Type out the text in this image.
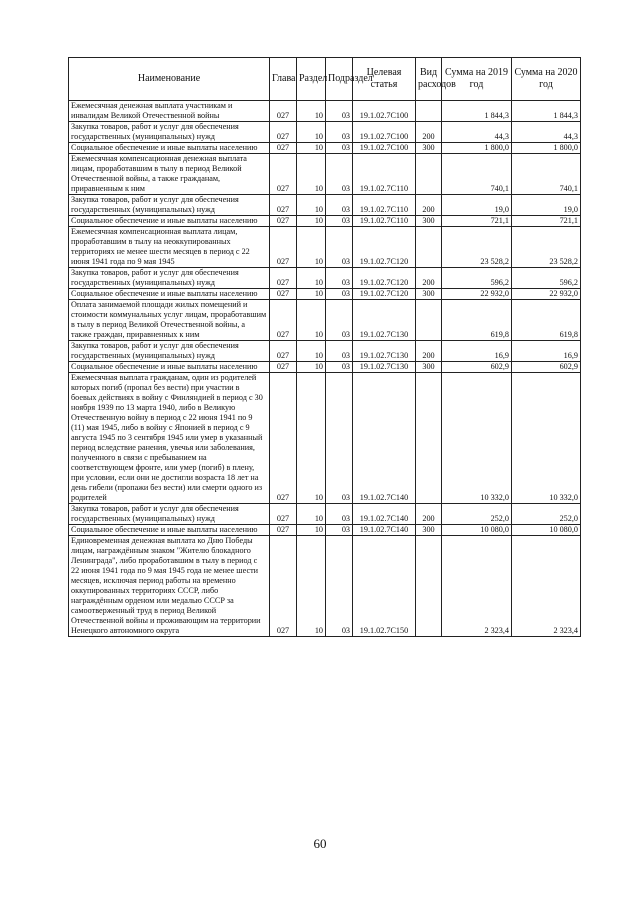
Наименование	Глава	Раздел	Подраздел	Целевая статья	Вид расходов	Сумма на 2019 год	Сумма на 2020 год
Ежемесячная денежная выплата участникам и инвалидам Великой Отечественной войны	027	10	03	19.1.02.7С100		1 844,3	1 844,3
Закупка товаров, работ и услуг для обеспечения государственных (муниципальных) нужд	027	10	03	19.1.02.7С100	200	44,3	44,3
Социальное обеспечение и иные выплаты населению	027	10	03	19.1.02.7С100	300	1 800,0	1 800,0
Ежемесячная компенсационная денежная выплата лицам, проработавшим в тылу в период Великой Отечественной войны, а также гражданам, приравненным к ним	027	10	03	19.1.02.7С110		740,1	740,1
Закупка товаров, работ и услуг для обеспечения государственных (муниципальных) нужд	027	10	03	19.1.02.7С110	200	19,0	19,0
Социальное обеспечение и иные выплаты населению	027	10	03	19.1.02.7С110	300	721,1	721,1
Ежемесячная компенсационная выплата лицам, проработавшим в тылу на неоккупированных территориях не менее шести месяцев в период с 22 июня 1941 года по 9 мая 1945	027	10	03	19.1.02.7С120		23 528,2	23 528,2
Закупка товаров, работ и услуг для обеспечения государственных (муниципальных) нужд	027	10	03	19.1.02.7С120	200	596,2	596,2
Социальное обеспечение и иные выплаты населению	027	10	03	19.1.02.7С120	300	22 932,0	22 932,0
Оплата занимаемой площади жилых помещений и стоимости коммунальных услуг лицам, проработавшим в тылу в период Великой Отечественной войны, а также граждан, приравненных к ним	027	10	03	19.1.02.7С130		619,8	619,8
Закупка товаров, работ и услуг для обеспечения государственных (муниципальных) нужд	027	10	03	19.1.02.7С130	200	16,9	16,9
Социальное обеспечение и иные выплаты населению	027	10	03	19.1.02.7С130	300	602,9	602,9
Ежемесячная выплата гражданам, один из родителей которых погиб (пропал без вести) при участии в боевых действиях в войну с Финляндией в период с 30 ноября 1939 по 13 марта 1940, либо в Великую Отечественную войну в период с 22 июня 1941 по 9 (11) мая 1945, либо в войну с Японией в период с 9 августа 1945 по 3 сентября 1945 или умер в указанный период вследствие ранения, увечья или заболевания, полученного в связи с пребыванием на соответствующем фронте, или умер (погиб) в плену, при условии, если они не достигли возраста 18 лет на день гибели (пропажи без вести) или смерти одного из родителей	027	10	03	19.1.02.7С140		10 332,0	10 332,0
Закупка товаров, работ и услуг для обеспечения государственных (муниципальных) нужд	027	10	03	19.1.02.7С140	200	252,0	252,0
Социальное обеспечение и иные выплаты населению	027	10	03	19.1.02.7С140	300	10 080,0	10 080,0
Единовременная денежная выплата ко Дню Победы лицам, награждённым знаком "Жителю блокадного Ленинграда", либо проработавшим в тылу в период с 22 июня 1941 года по 9 мая 1945 года не менее шести месяцев, исключая период работы на временно оккупированных территориях СССР, либо награждённым орденом или медалью СССР за самоотверженный труд в период Великой Отечественной войны и проживающим на территории Ненецкого автономного округа	027	10	03	19.1.02.7С150		2 323,4	2 323,4
60
